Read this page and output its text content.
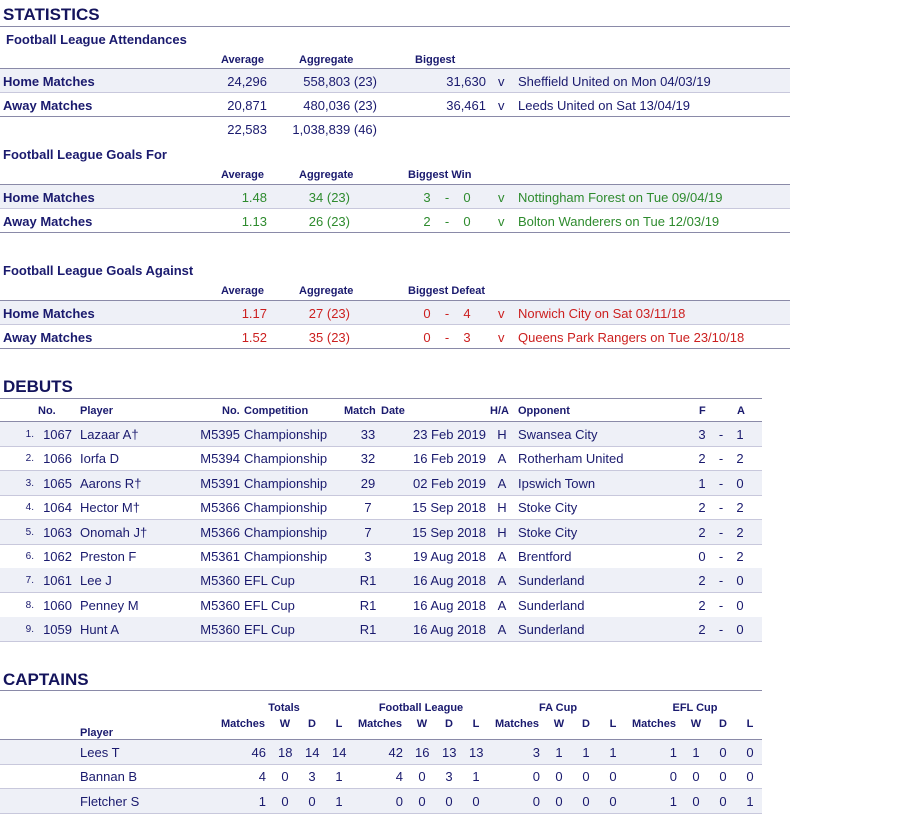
STATISTICS
Football League Attendances
Average	Aggregate	Biggest
Home Matches	24,296	558,803 (23)	31,630 v Sheffield United on Mon 04/03/19
Away Matches	20,871	480,036 (23)	36,461 v Leeds United on Sat 13/04/19
22,583	1,038,839 (46)
Football League Goals For
Average	Aggregate	Biggest Win
Home Matches	1.48	34 (23)	3	-	0 v Nottingham Forest on Tue 09/04/19
Away Matches	1.13	26 (23)	2	-	0 v Bolton Wanderers on Tue 12/03/19
Football League Goals Against
Average	Aggregate	Biggest Defeat
Home Matches	1.17	27 (23)	0	-	4 v Norwich City on Sat 03/11/18
Away Matches	1.52	35 (23)	0	-	3 v Queens Park Rangers on Tue 23/10/18
DEBUTS
No. Player	No. Competition	Match Date	H/A Opponent	F	A
1. 1067 Lazaar A†	M5395 Championship	33	23 Feb 2019 H Swansea City	3	-	1
2. 1066 Iorfa D	M5394 Championship	32	16 Feb 2019 A Rotherham United	2	-	2
3. 1065 Aarons R†	M5391 Championship	29	02 Feb 2019 A Ipswich Town	1	-	0
4. 1064 Hector M†	M5366 Championship	7	15 Sep 2018 H Stoke City	2	-	2
5. 1063 Onomah J†	M5366 Championship	7	15 Sep 2018 H Stoke City	2	-	2
6. 1062 Preston F	M5361 Championship	3	19 Aug 2018 A Brentford	0	-	2
7. 1061 Lee J	M5360 EFL Cup	R1	16 Aug 2018 A Sunderland	2	-	0
8. 1060 Penney M	M5360 EFL Cup	R1	16 Aug 2018 A Sunderland	2	-	0
9. 1059 Hunt A	M5360 EFL Cup	R1	16 Aug 2018 A Sunderland	2	-	0
CAPTAINS
Totals
Matches W D	L
Football League
Matches W D	L
FA Cup
Matches W D	L
EFL Cup
Matches W D	L
Player
Lees T	46 18 14 14	42 16 13 13	3 1 1 1	1 1 0 0
Bannan B	4 0 3 1	4 0 3 1	0 0 0 0	0 0 0 0
Fletcher S	1 0 0 1	0 0 0 0	0 0 0 0	1 0 0 1
